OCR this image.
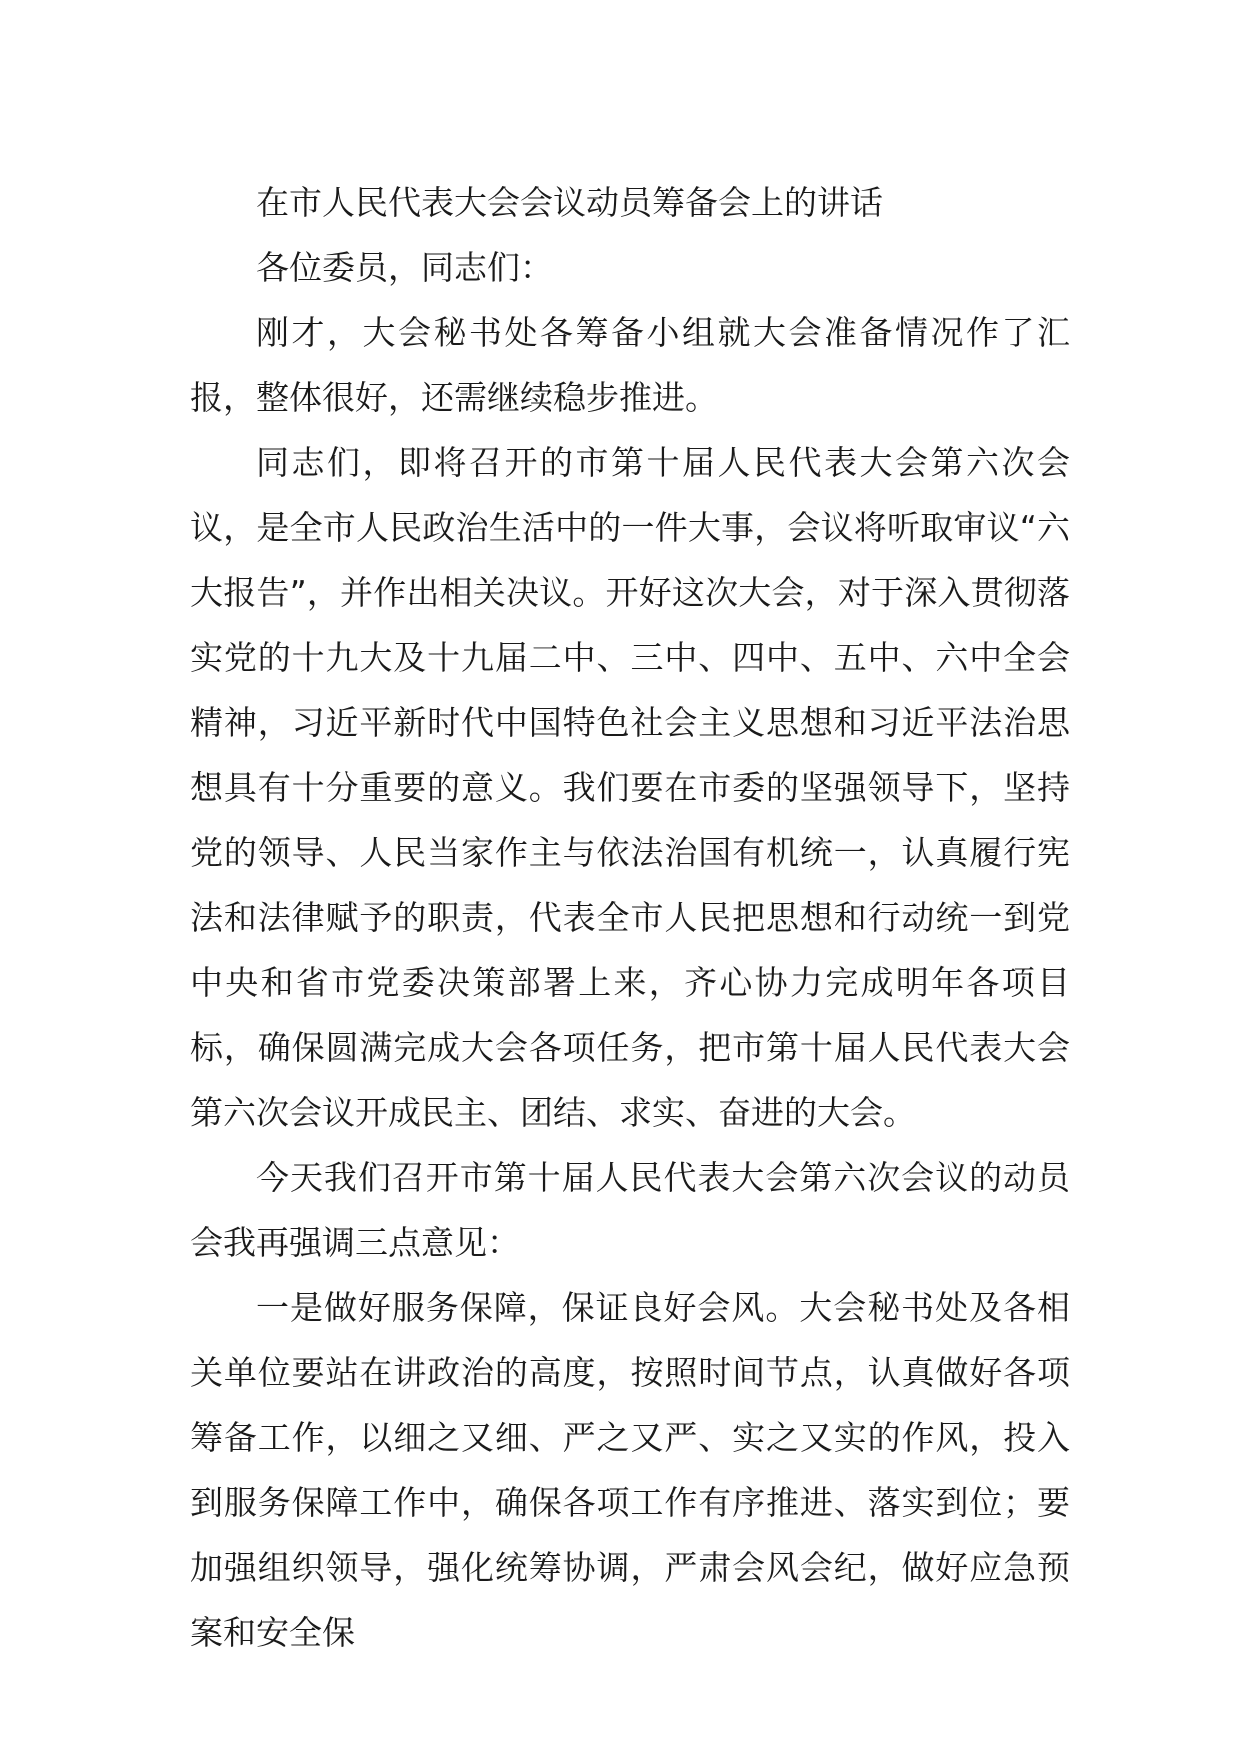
在市人民代表大会会议动员筹备会上的讲话

各位委员，同志们：

刚才，大会秘书处各筹备小组就大会准备情况作了汇报，整体很好，还需继续稳步推进。

同志们，即将召开的市第十届人民代表大会第六次会议，是全市人民政治生活中的一件大事，会议将听取审议“六大报告”，并作出相关决议。开好这次大会，对于深入贯彻落实党的十九大及十九届二中、三中、四中、五中、六中全会精神，习近平新时代中国特色社会主义思想和习近平法治思想具有十分重要的意义。我们要在市委的坚强领导下，坚持党的领导、人民当家作主与依法治国有机统一，认真履行宪法和法律赋予的职责，代表全市人民把思想和行动统一到党中央和省市党委决策部署上来，齐心协力完成明年各项目标，确保圆满完成大会各项任务，把市第十届人民代表大会第六次会议开成民主、团结、求实、奋进的大会。

今天我们召开市第十届人民代表大会第六次会议的动员会我再强调三点意见：

一是做好服务保障，保证良好会风。大会秘书处及各相关单位要站在讲政治的高度，按照时间节点，认真做好各项筹备工作，以细之又细、严之又严、实之又实的作风，投入到服务保障工作中，确保各项工作有序推进、落实到位；要加强组织领导，强化统筹协调，严肃会风会纪，做好应急预案和安全保
